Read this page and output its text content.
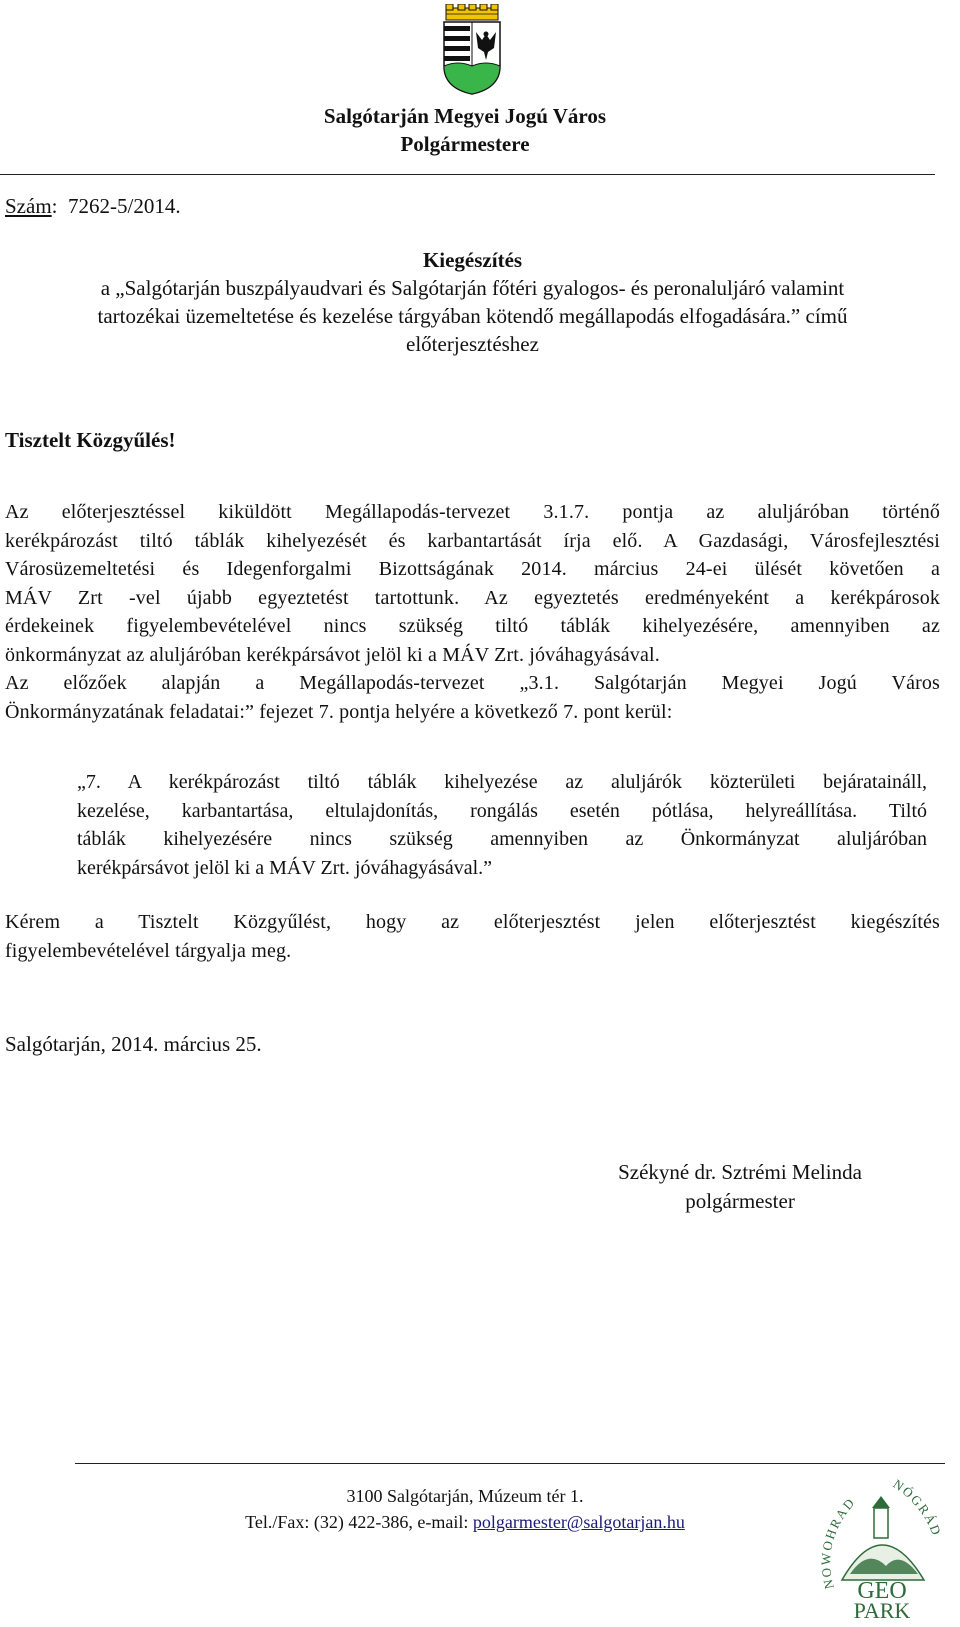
Salgótarján Megyei Jogú Város
Polgármestere
Szám: 7262-5/2014.
Kiegészítés
a „Salgótarján buszpályaudvari és Salgótarján főtéri gyalogos- és peronaluljáró valamint
tartozékai üzemeltetése és kezelése tárgyában kötendő megállapodás elfogadására.” című
előterjesztéshez
Tisztelt Közgyűlés!
Az előterjesztéssel kiküldött Megállapodás-tervezet 3.1.7. pontja az aluljáróban történő
kerékpározást tiltó táblák kihelyezését és karbantartását írja elő. A Gazdasági, Városfejlesztési
Városüzemeltetési és Idegenforgalmi Bizottságának 2014. március 24-ei ülését követően a
MÁV Zrt -vel újabb egyeztetést tartottunk. Az egyeztetés eredményeként a kerékpárosok
érdekeinek figyelembevételével nincs szükség tiltó táblák kihelyezésére, amennyiben az
önkormányzat az aluljáróban kerékpársávot jelöl ki a MÁV Zrt. jóváhagyásával.
Az előzőek alapján a Megállapodás-tervezet „3.1. Salgótarján Megyei Jogú Város
Önkormányzatának feladatai:” fejezet 7. pontja helyére a következő 7. pont kerül:
„7. A kerékpározást tiltó táblák kihelyezése az aluljárók közterületi bejárataináll,
kezelése, karbantartása, eltulajdonítás, rongálás esetén pótlása, helyreállítása. Tiltó
táblák kihelyezésére nincs szükség amennyiben az Önkormányzat aluljáróban
kerékpársávot jelöl ki a MÁV Zrt. jóváhagyásával.”
Kérem a Tisztelt Közgyűlést, hogy az előterjesztést jelen előterjesztést kiegészítés
figyelembevételével tárgyalja meg.
Salgótarján, 2014. március 25.
Székyné dr. Sztrémi Melinda
polgármester
3100 Salgótarján, Múzeum tér 1.
Tel./Fax: (32) 422-386, e-mail: polgarmester@salgotarjan.hu
NOWOHRAD
NÓGRÁD
GEO
PARK
